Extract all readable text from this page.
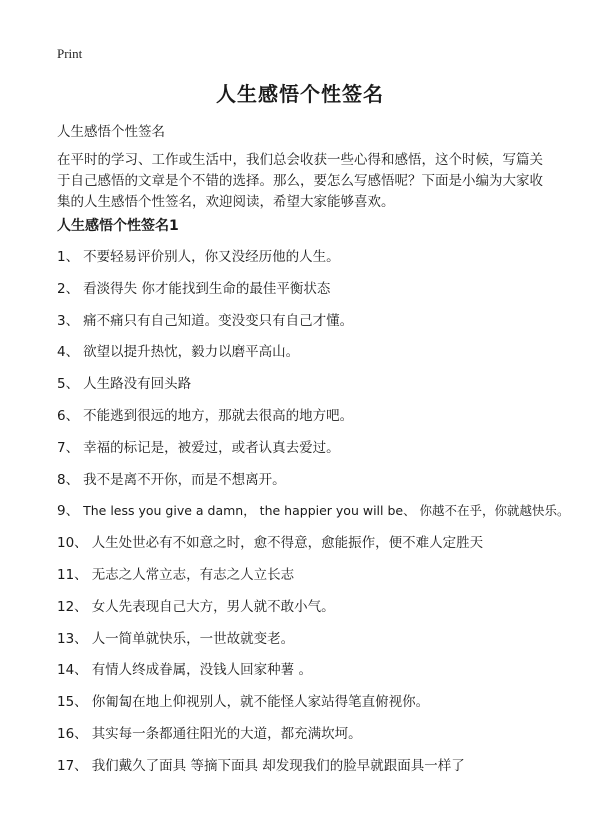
Print
人生感悟个性签名
人生感悟个性签名
在平时的学习、工作或生活中，我们总会收获一些心得和感悟，这个时候，写篇关于自己感悟的文章是个不错的选择。那么，要怎么写感悟呢？下面是小编为大家收集的人生感悟个性签名，欢迎阅读，希望大家能够喜欢。
人生感悟个性签名1
1、 不要轻易评价别人，你又没经历他的人生。
2、 看淡得失 你才能找到生命的最佳平衡状态
3、 痛不痛只有自己知道。变没变只有自己才懂。
4、 欲望以提升热忱，毅力以磨平高山。
5、 人生路没有回头路
6、 不能逃到很远的地方，那就去很高的地方吧。
7、 幸福的标记是，被爱过，或者认真去爱过。
8、 我不是离不开你，而是不想离开。
9、 The less you give a damn， the happier you will be、 你越不在乎，你就越快乐。
10、 人生处世必有不如意之时，愈不得意，愈能振作，便不难人定胜天
11、 无志之人常立志，有志之人立长志
12、 女人先表现自己大方，男人就不敢小气。
13、 人一简单就快乐，一世故就变老。
14、 有情人终成眷属，没钱人回家种薯 。
15、 你匍匐在地上仰视别人，就不能怪人家站得笔直俯视你。
16、 其实每一条都通往阳光的大道，都充满坎坷。
17、 我们戴久了面具 等摘下面具 却发现我们的脸早就跟面具一样了
